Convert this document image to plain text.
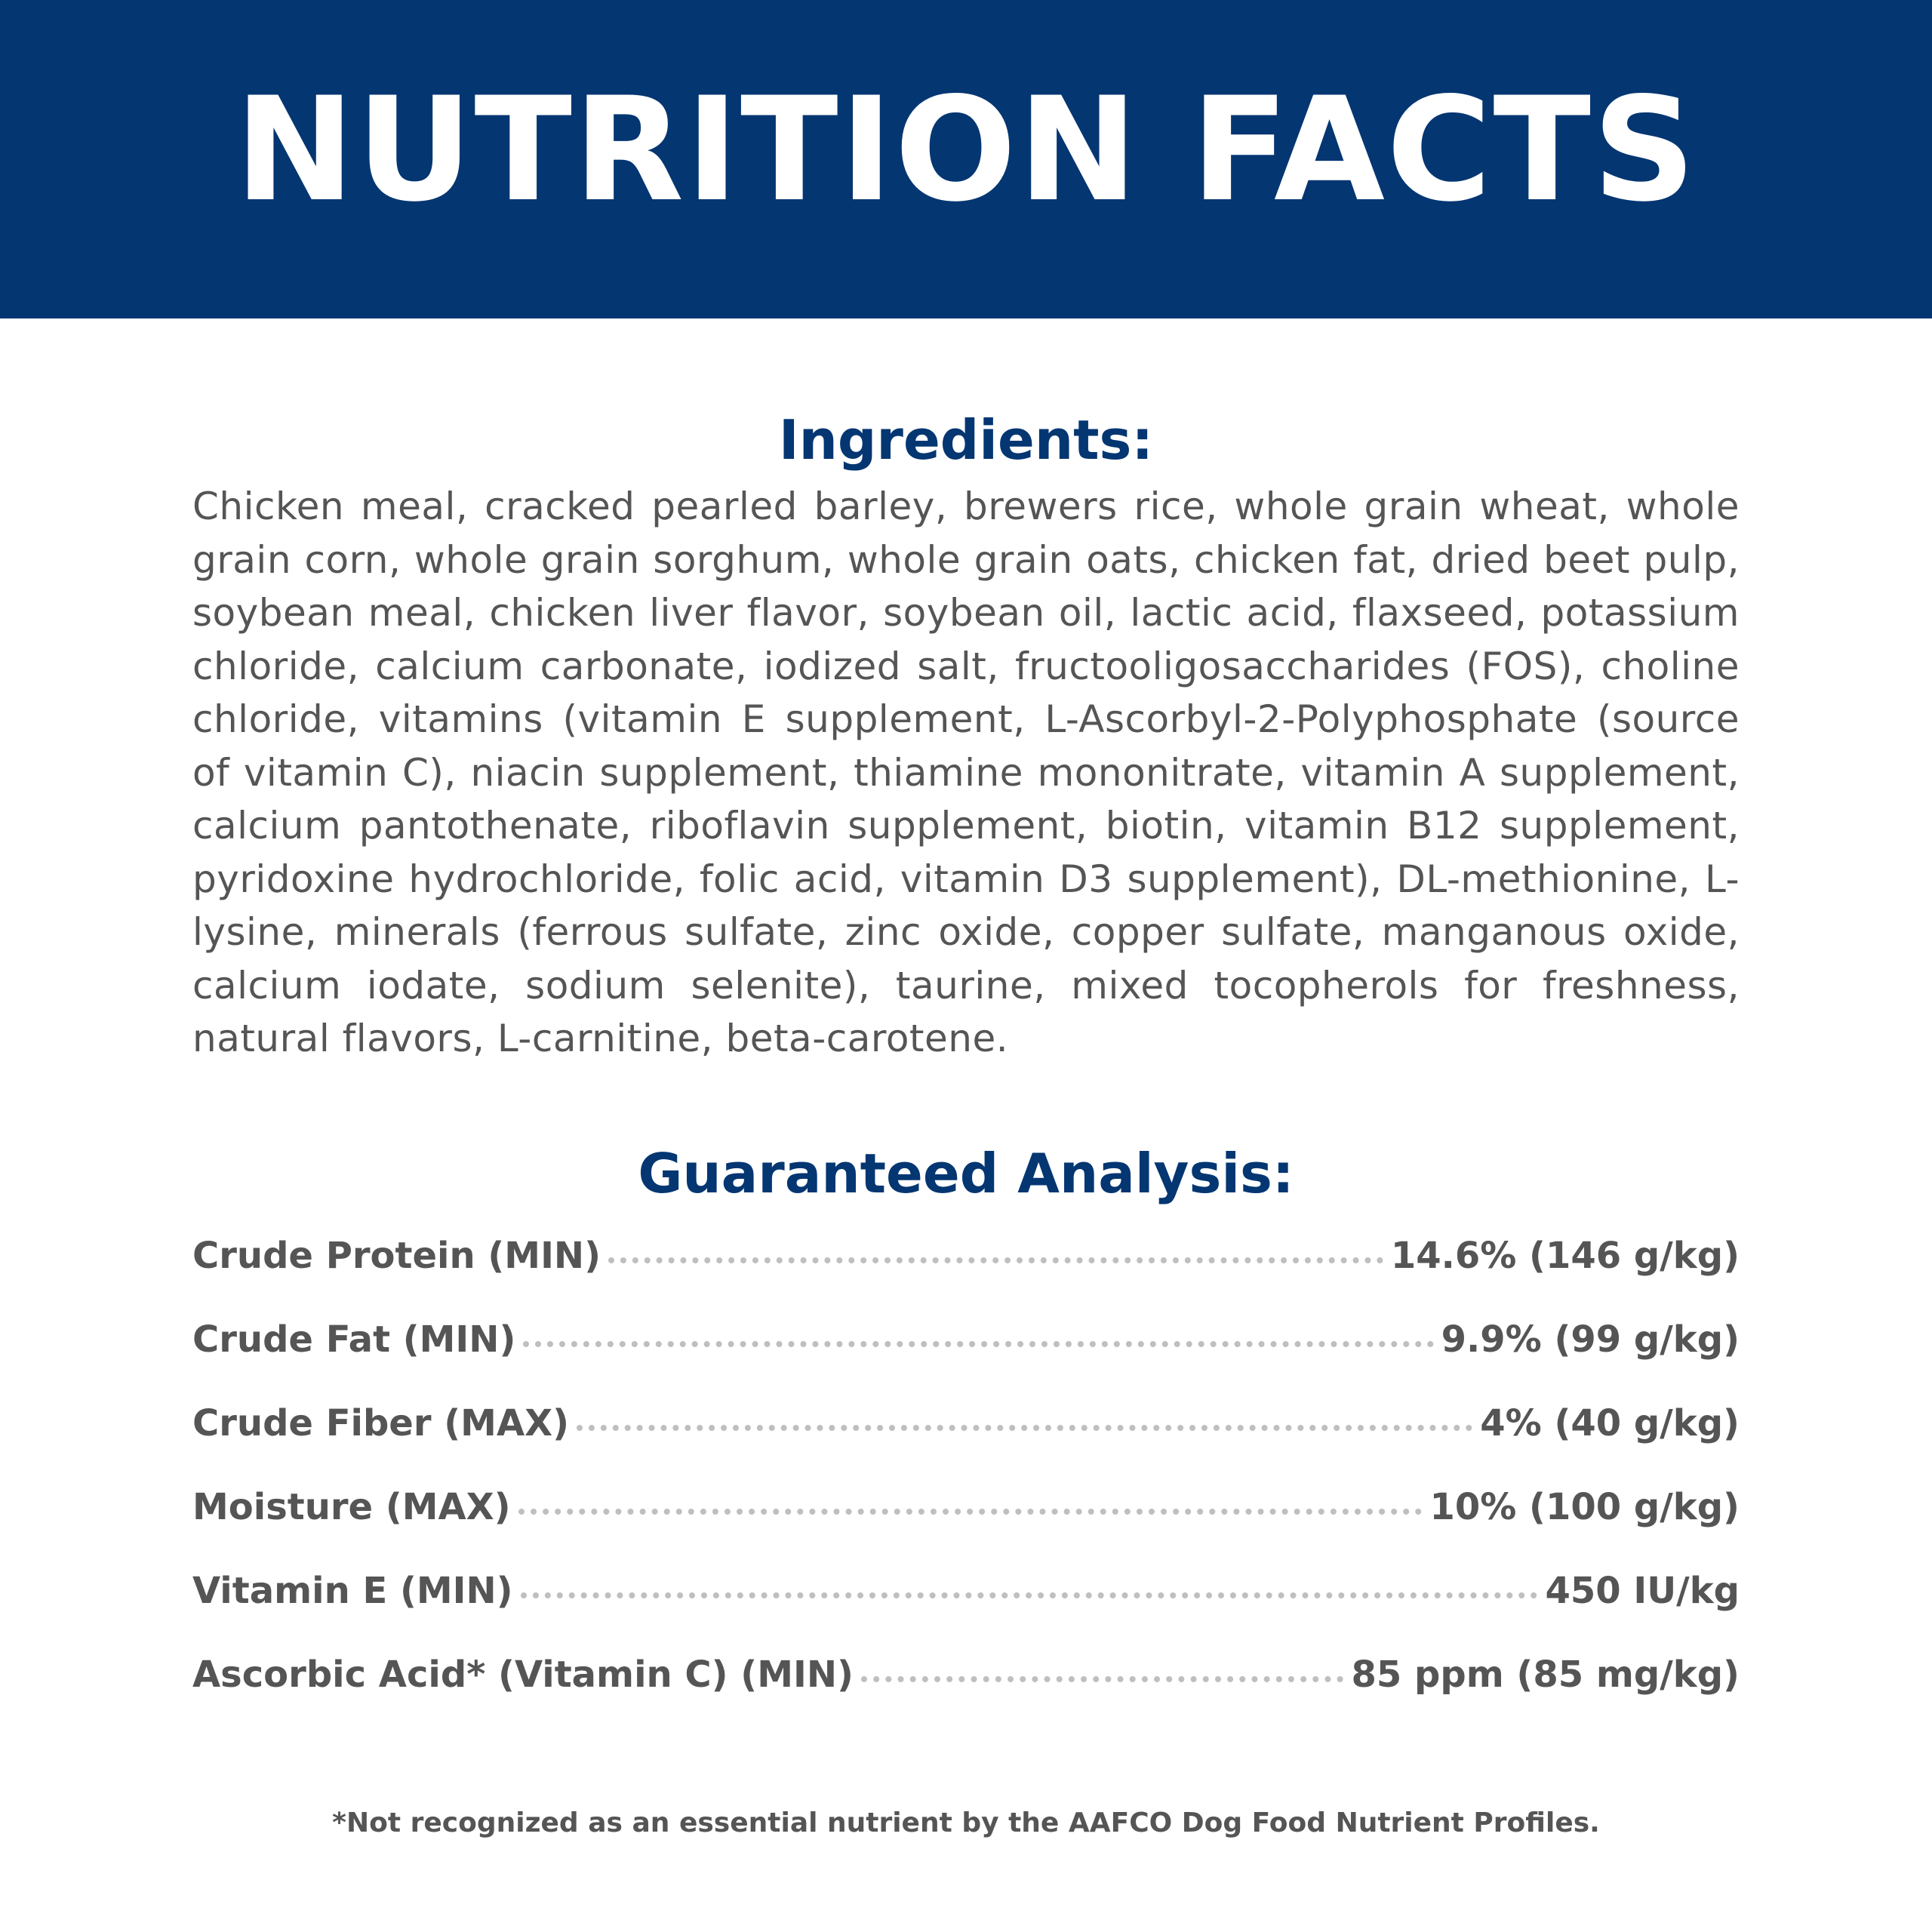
NUTRITION FACTS
Ingredients:

Chicken meal, cracked pearled barley, brewers rice, whole grain wheat, whole grain corn, whole grain sorghum, whole grain oats, chicken fat, dried beet pulp, soybean meal, chicken liver flavor, soybean oil, lactic acid, flaxseed, potassium chloride, calcium carbonate, iodized salt, fructooligosaccharides (FOS), choline chloride, vitamins (vitamin E supplement, L-Ascorbyl-2-Polyphosphate (source of vitamin C), niacin supplement, thiamine mononitrate, vitamin A supplement, calcium pantothenate, riboflavin supplement, biotin, vitamin B12 supplement, pyridoxine hydrochloride, folic acid, vitamin D3 supplement), DL-methionine, L-lysine, minerals (ferrous sulfate, zinc oxide, copper sulfate, manganous oxide, calcium iodate, sodium selenite), taurine, mixed tocopherols for freshness, natural flavors, L-carnitine, beta-carotene.

Guaranteed Analysis:
Crude Protein (MIN)	14.6% (146 g/kg)
Crude Fat (MIN)	9.9% (99 g/kg)
Crude Fiber (MAX)	4% (40 g/kg)
Moisture (MAX)	10% (100 g/kg)
Vitamin E (MIN)	450 IU/kg
Ascorbic Acid* (Vitamin C) (MIN)	85 ppm (85 mg/kg)
*Not recognized as an essential nutrient by the AAFCO Dog Food Nutrient Profiles.
